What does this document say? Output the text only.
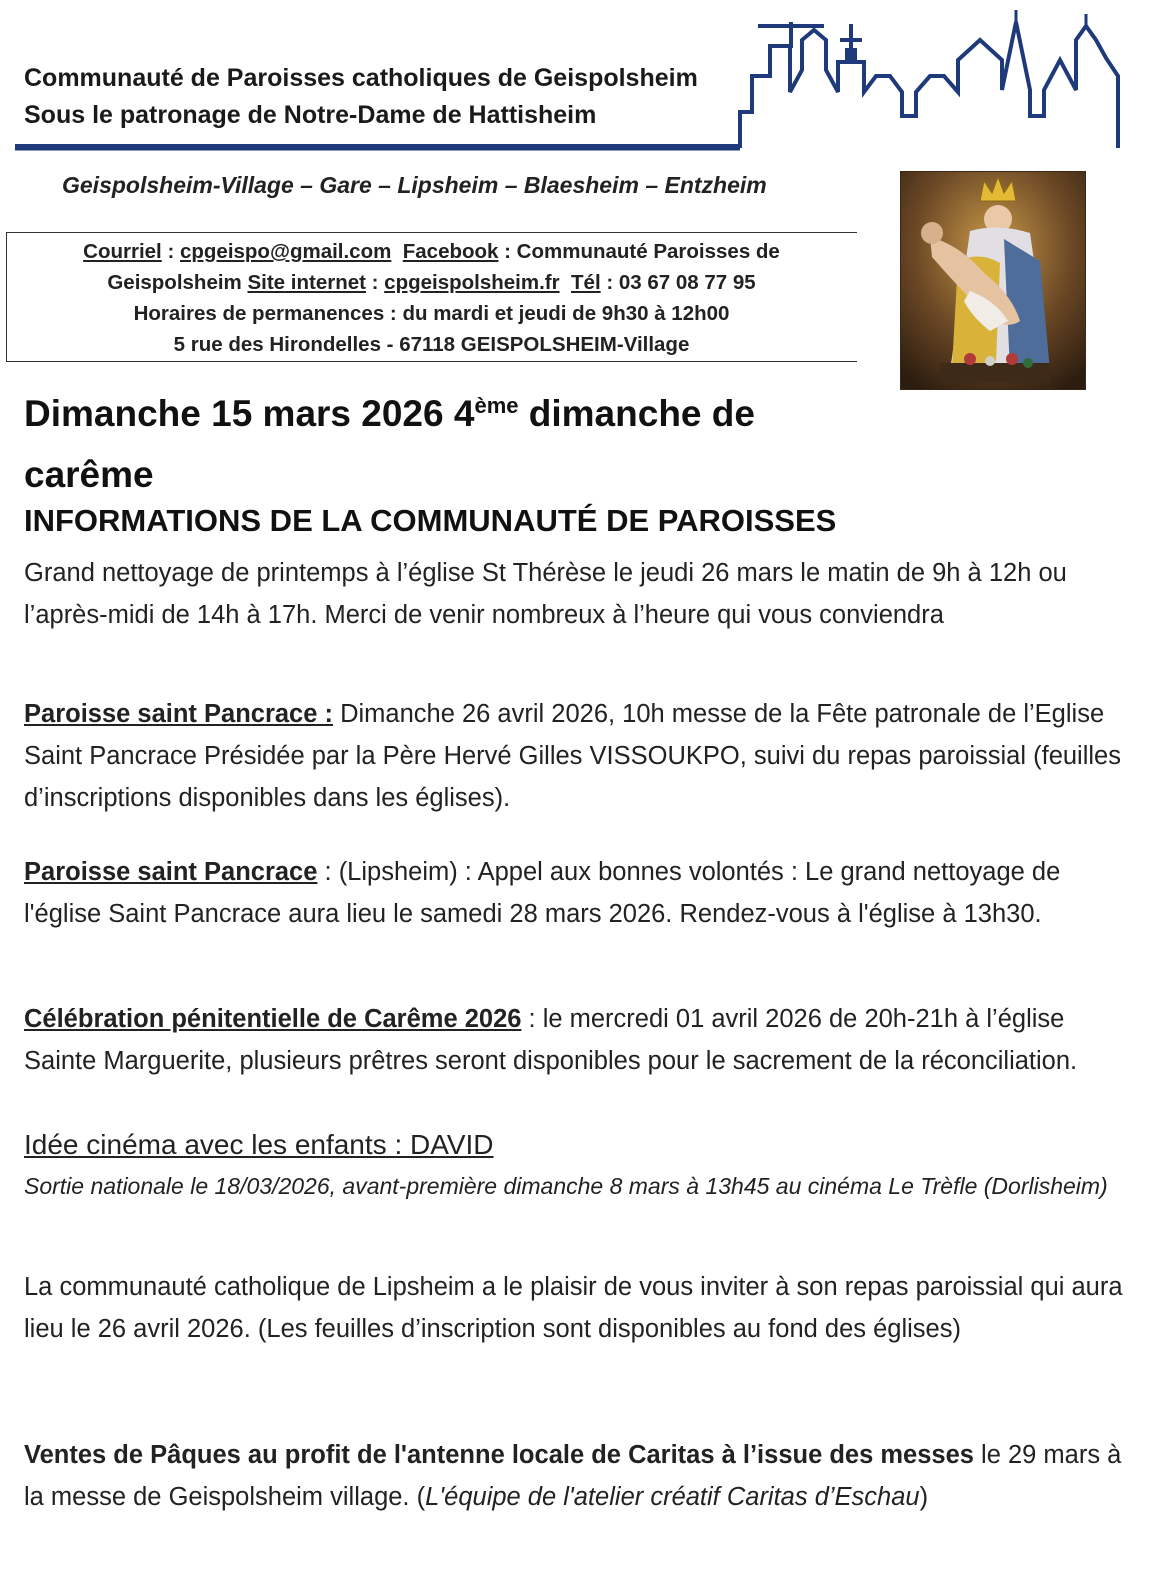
Communauté de Paroisses catholiques de Geispolsheim
Sous le patronage de Notre-Dame de Hattisheim
Geispolsheim-Village – Gare – Lipsheim – Blaesheim – Entzheim
Courriel : cpgeispo@gmail.com Facebook : Communauté Paroisses de
Geispolsheim Site internet : cpgeispolsheim.fr Tél : 03 67 08 77 95
Horaires de permanences : du mardi et jeudi de 9h30 à 12h00
5 rue des Hirondelles - 67118 GEISPOLSHEIM-Village
Dimanche 15 mars 2026 4ème dimanche de
carême
INFORMATIONS DE LA COMMUNAUTÉ DE PAROISSES
Grand nettoyage de printemps à l’église St Thérèse le jeudi 26 mars le matin de 9h à 12h ou l’après-midi de 14h à 17h. Merci de venir nombreux à l’heure qui vous conviendra
Paroisse saint Pancrace : Dimanche 26 avril 2026, 10h messe de la Fête patronale de l’Eglise Saint Pancrace Présidée par la Père Hervé Gilles VISSOUKPO, suivi du repas paroissial (feuilles d’inscriptions disponibles dans les églises).
Paroisse saint Pancrace : (Lipsheim) : Appel aux bonnes volontés : Le grand nettoyage de l'église Saint Pancrace aura lieu le samedi 28 mars 2026. Rendez-vous à l'église à 13h30.
Célébration pénitentielle de Carême 2026 : le mercredi 01 avril 2026 de 20h-21h à l’église Sainte Marguerite, plusieurs prêtres seront disponibles pour le sacrement de la réconciliation.
Idée cinéma avec les enfants : DAVID
Sortie nationale le 18/03/2026, avant-première dimanche 8 mars à 13h45 au cinéma Le Trèfle (Dorlisheim)
La communauté catholique de Lipsheim a le plaisir de vous inviter à son repas paroissial qui aura lieu le 26 avril 2026. (Les feuilles d’inscription sont disponibles au fond des églises)
Ventes de Pâques au profit de l'antenne locale de Caritas à l’issue des messes le 29 mars à la messe de Geispolsheim village. (L'équipe de l'atelier créatif Caritas d’Eschau)
